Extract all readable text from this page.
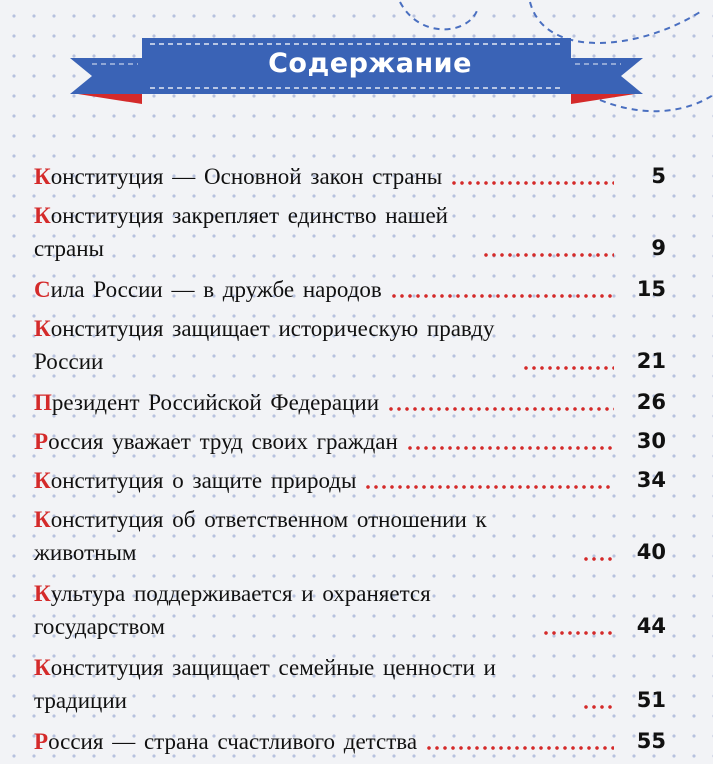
Содержание
Конституция — Основной закон страны	5
Конституция закрепляет единство нашей страны	9
Сила России — в дружбе народов	15
Конституция защищает историческую правду России	21
Президент Российской Федерации	26
Россия уважает труд своих граждан	30
Конституция о защите природы	34
Конституция об ответственном отношении к животным	40
Культура поддерживается и охраняется государством	44
Конституция защищает семейные ценности и традиции	51
Россия — страна счастливого детства	55
